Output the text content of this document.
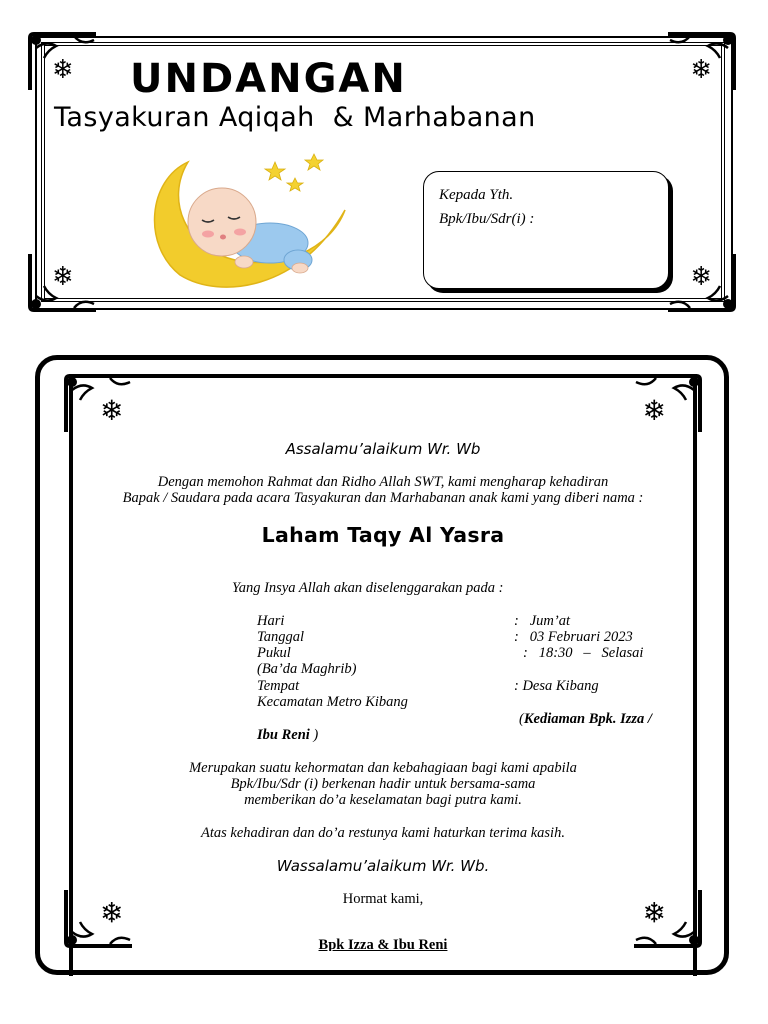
UNDANGAN
Tasyakuran Aqiqah  & Marhabanan
Kepada Yth.
Bpk/Ibu/Sdr(i) :
❄	❄
❄	❄
❄	❄
❄	❄
Assalamu’alaikum Wr. Wb
Dengan memohon Rahmat dan Ridho Allah SWT, kami mengharap kehadiran
Bapak / Saudara pada acara Tasyakuran dan Marhabanan anak kami yang diberi nama :
Laham Taqy Al Yasra
Yang Insya Allah akan diselenggarakan pada :
Hari	:   Jum’at
Tanggal	:   03 Februari 2023
Pukul	:   18:30   –   Selasai
(Ba’da Maghrib)
Tempat	: Desa Kibang
Kecamatan Metro Kibang
(Kediaman Bpk. Izza /
Ibu Reni )
Merupakan suatu kehormatan dan kebahagiaan bagi kami apabila
Bpk/Ibu/Sdr (i) berkenan hadir untuk bersama-sama
memberikan do’a keselamatan bagi putra kami.
Atas kehadiran dan do’a restunya kami haturkan terima kasih.
Wassalamu’alaikum Wr. Wb.
Hormat kami,
Bpk Izza & Ibu Reni
